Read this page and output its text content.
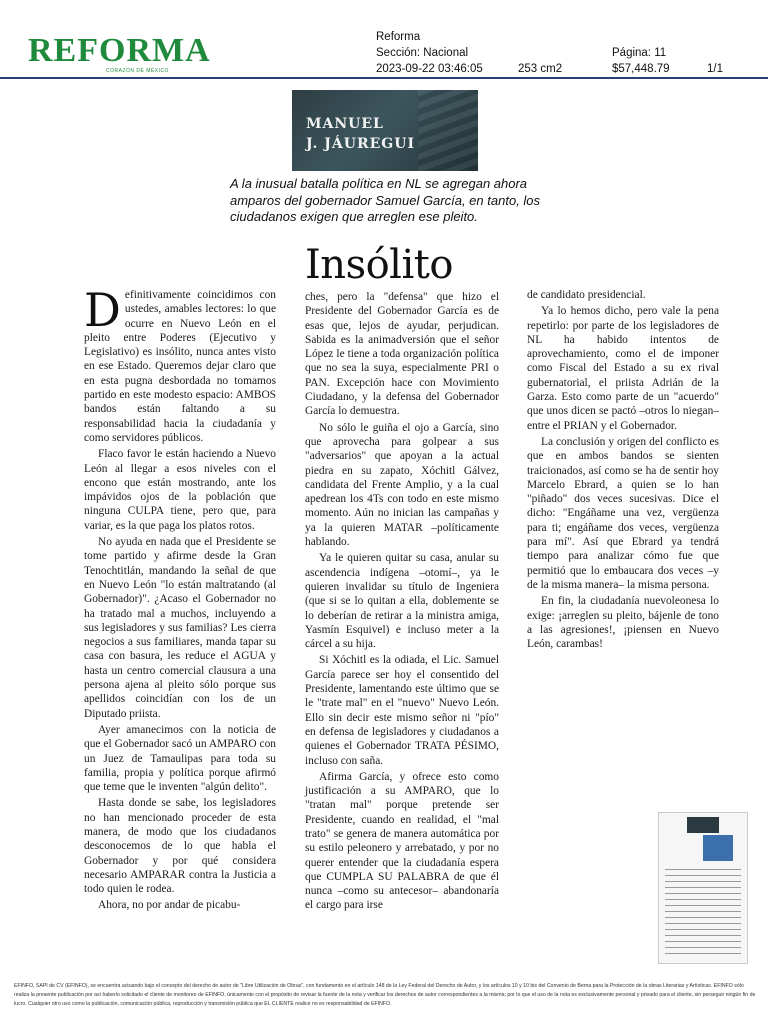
REFORMA
CORAZÓN DE MÉXICO
Reforma
Sección: Nacional
2023-09-22 03:46:05	253 cm2
Página: 11
$57,448.79	1/1
MANUEL
J. JÁUREGUI
A la inusual batalla política en NL se agregan ahora amparos del gobernador Samuel García, en tanto, los ciudadanos exigen que arreglen ese pleito.
Insólito

Definitivamente coincidimos con ustedes, amables lectores: lo que ocurre en Nuevo León en el pleito entre Poderes (Ejecutivo y Legislativo) es insólito, nunca antes visto en ese Estado. Queremos dejar claro que en esta pugna desbordada no tomamos partido en este modesto espacio: AMBOS bandos están faltando a su responsabilidad hacia la ciudadanía y como servidores públicos.

Flaco favor le están haciendo a Nuevo León al llegar a esos niveles con el encono que están mostrando, ante los impávidos ojos de la población que ninguna CULPA tiene, pero que, para variar, es la que paga los platos rotos.

No ayuda en nada que el Presidente se tome partido y afirme desde la Gran Tenochtitlán, mandando la señal de que en Nuevo León "lo están maltratando (al Gobernador)". ¿Acaso el Gobernador no ha tratado mal a muchos, incluyendo a sus legisladores y sus familias? Les cierra negocios a sus familiares, manda tapar su casa con basura, les reduce el AGUA y hasta un centro comercial clausura a una persona ajena al pleito sólo porque sus apellidos coincidían con los de un Diputado priista.

Ayer amanecimos con la noticia de que el Gobernador sacó un AMPARO con un Juez de Tamaulipas para toda su familia, propia y política porque afirmó que teme que le inventen "algún delito".

Hasta donde se sabe, los legisladores no han mencionado proceder de esta manera, de modo que los ciudadanos desconocemos de lo que habla el Gobernador y por qué considera necesario AMPARAR contra la Justicia a todo quien le rodea.

Ahora, no por andar de picabu-

ches, pero la "defensa" que hizo el Presidente del Gobernador García es de esas que, lejos de ayudar, perjudican. Sabida es la animadversión que el señor López le tiene a toda organización política que no sea la suya, especialmente PRI o PAN. Excepción hace con Movimiento Ciudadano, y la defensa del Gobernador García lo demuestra.

No sólo le guiña el ojo a García, sino que aprovecha para golpear a sus "adversarios" que apoyan a la actual piedra en su zapato, Xóchitl Gálvez, candidata del Frente Amplio, y a la cual apedrean los 4Ts con todo en este mismo momento. Aún no inician las campañas y ya la quieren MATAR –políticamente hablando.

Ya le quieren quitar su casa, anular su ascendencia indígena –otomí–, ya le quieren invalidar su título de Ingeniera (que si se lo quitan a ella, doblemente se lo deberían de retirar a la ministra amiga, Yasmín Esquivel) e incluso meter a la cárcel a su hija.

Si Xóchitl es la odiada, el Lic. Samuel García parece ser hoy el consentido del Presidente, lamentando este último que se le "trate mal" en el "nuevo" Nuevo León. Ello sin decir este mismo señor ni "pío" en defensa de legisladores y ciudadanos a quienes el Gobernador TRATA PÉSIMO, incluso con saña.

Afirma García, y ofrece esto como justificación a su AMPARO, que lo "tratan mal" porque pretende ser Presidente, cuando en realidad, el "mal trato" se genera de manera automática por su estilo peleonero y arrebatado, y por no querer entender que la ciudadanía espera que CUMPLA SU PALABRA de que él nunca –como su antecesor– abandonaría el cargo para irse

de candidato presidencial.

Ya lo hemos dicho, pero vale la pena repetirlo: por parte de los legisladores de NL ha habido intentos de aprovechamiento, como el de imponer como Fiscal del Estado a su ex rival gubernatorial, el priista Adrián de la Garza. Esto como parte de un "acuerdo" que unos dicen se pactó –otros lo niegan– entre el PRIAN y el Gobernador.

La conclusión y origen del conflicto es que en ambos bandos se sienten traicionados, así como se ha de sentir hoy Marcelo Ebrard, a quien se lo han "piñado" dos veces sucesivas. Dice el dicho: "Engáñame una vez, vergüenza para ti; engáñame dos veces, vergüenza para mí". Así que Ebrard ya tendrá tiempo para analizar cómo fue que permitió que lo embaucara dos veces –y de la misma manera– la misma persona.

En fin, la ciudadanía nuevoleonesa lo exige: ¡arreglen su pleito, bájenle de tono a las agresiones!, ¡piensen en Nuevo León, carambas!

EFINFO, SAPI de CV (EFINFO), se encuentra actuando bajo el concepto del derecho de autor de "Libre Utilización de Obras", con fundamento en el artículo 148 de la Ley Federal del Derecho de Autor, y los artículos 10 y 10 bis del Convenio de Berna para la Protección de la obras Literarias y Artísticas. EFINFO sólo realiza la presente publicación por así haberlo solicitado el cliente de monitoreo de EFINFO, únicamente con el propósito de revisar la fuente de la nota y verificar los derechos de autor correspondientes a la misma; por lo que el uso de la nota es exclusivamente personal y privado para el cliente, sin perseguir ningún fin de lucro. Cualquier otro uso como la publicación, comunicación pública, reproducción y transmisión pública que EL CLIENTE realice no es responsabilidad de EFINFO.
